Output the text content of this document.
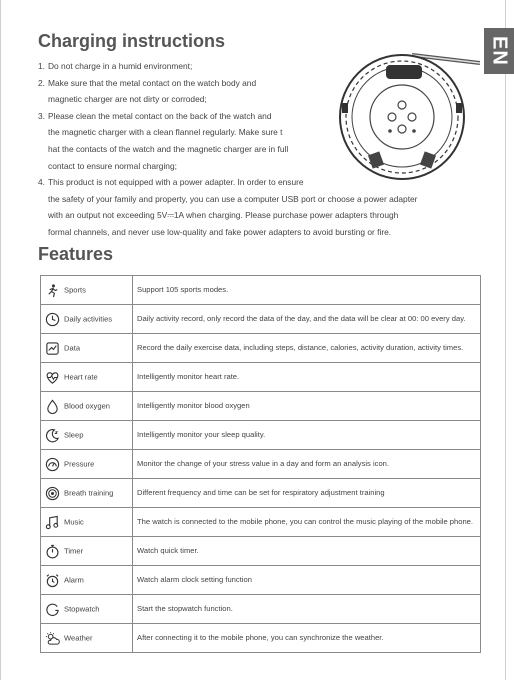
EN
Charging instructions
1. Do not charge in a humid environment;
2. Make sure that the metal contact on the watch body and
magnetic charger are not dirty or corroded;
3. Please clean the metal contact on the back of the watch and
the magnetic charger with a clean flannel regularly. Make sure t
hat the contacts of the watch and the magnetic charger are in full
contact to ensure normal charging;
4. This product is not equipped with a power adapter. In order to ensure
the safety of your family and property, you can use a computer USB port or choose a power adapter
with an output not exceeding 5V⎓1A when charging. Please purchase power adapters through
formal channels, and never use low-quality and fake power adapters to avoid bursting or fire.
Features
Sports	Support 105 sports modes.

Daily activities	Daily activity record, only record the data of the day, and the data will be clear at 00: 00 every day.

Data	Record the daily exercise data, including steps, distance, calories, activity duration, activity times.

Heart rate	Intelligently monitor heart rate.

Blood oxygen	Intelligently monitor blood oxygen

Sleep	Intelligently monitor your sleep quality.

Pressure	Monitor the change of your stress value in a day and form an analysis icon.

Breath training	Different frequency and time can be set for respiratory adjustment training

Music	The watch is connected to the mobile phone, you can control the music playing of the mobile phone.

Timer	Watch quick timer.

Alarm	Watch alarm clock setting function

Stopwatch	Start the stopwatch function.

Weather	After connecting it to the mobile phone, you can synchronize the weather.
